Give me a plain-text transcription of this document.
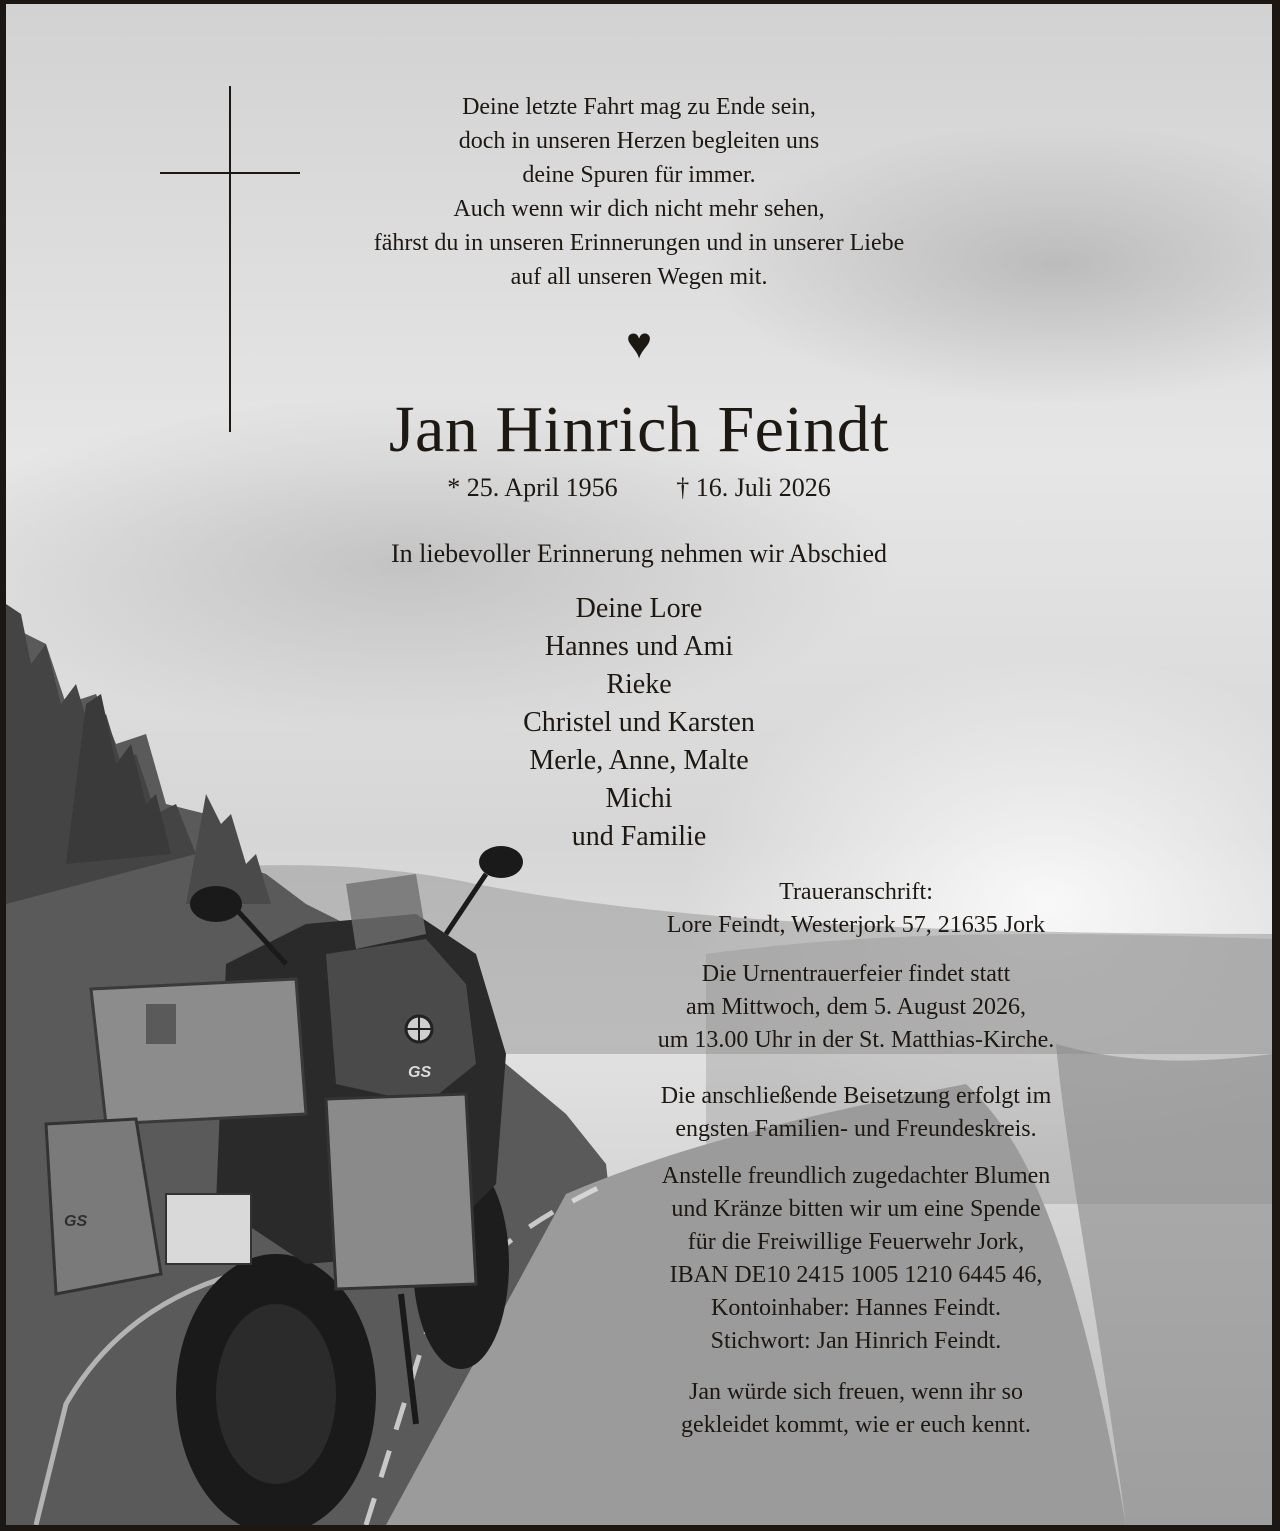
GS
GS
Deine letzte Fahrt mag zu Ende sein,
doch in unseren Herzen begleiten uns
deine Spuren für immer.
Auch wenn wir dich nicht mehr sehen,
fährst du in unseren Erinnerungen und in unserer Liebe
auf all unseren Wegen mit.
♥
Jan Hinrich Feindt
* 25. April 1956 † 16. Juli 2026
In liebevoller Erinnerung nehmen wir Abschied
Deine Lore
Hannes und Ami
Rieke
Christel und Karsten
Merle, Anne, Malte
Michi
und Familie
Traueranschrift:
Lore Feindt, Westerjork 57, 21635 Jork
Die Urnentrauerfeier findet statt
am Mittwoch, dem 5. August 2026,
um 13.00 Uhr in der St. Matthias-Kirche.
Die anschließende Beisetzung erfolgt im
engsten Familien- und Freundeskreis.
Anstelle freundlich zugedachter Blumen
und Kränze bitten wir um eine Spende
für die Freiwillige Feuerwehr Jork,
IBAN DE10 2415 1005 1210 6445 46,
Kontoinhaber: Hannes Feindt.
Stichwort: Jan Hinrich Feindt.
Jan würde sich freuen, wenn ihr so
gekleidet kommt, wie er euch kennt.
